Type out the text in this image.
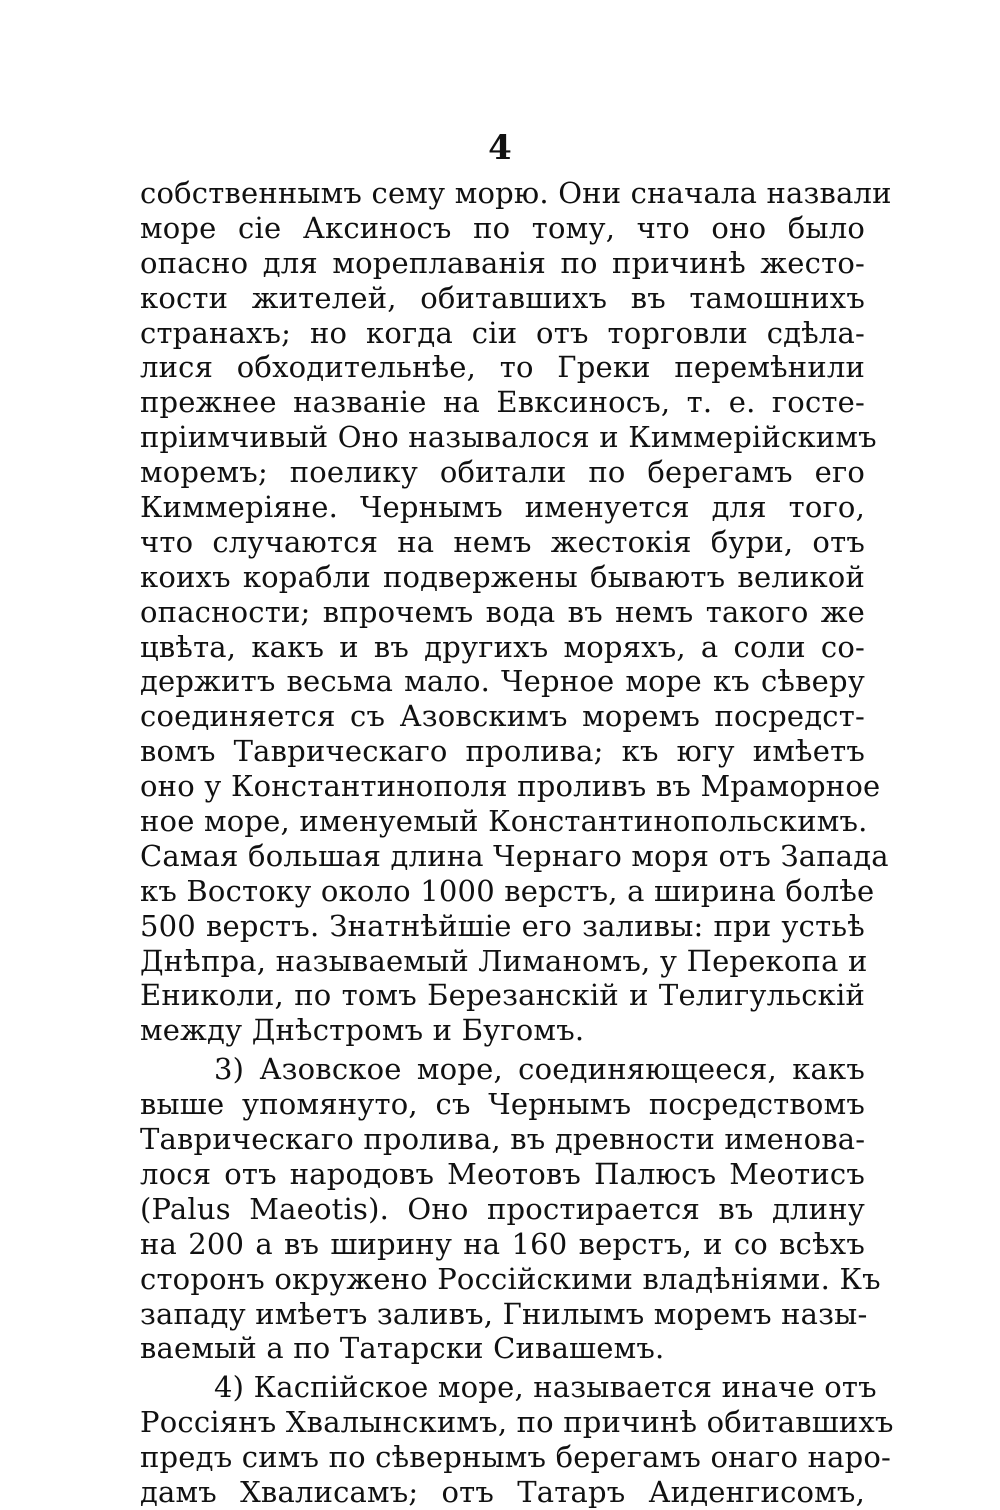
4
собственнымъ сему морю. Они сначала назвали
море сіе Аксиносъ по тому, что оно было
опасно для мореплаванія по причинѣ жесто-
кости жителей, обитавшихъ въ тамошнихъ
странахъ; но когда сіи отъ торговли сдѣла-
лися обходительнѣе, то Греки перемѣнили
прежнее названіе на Евксиносъ, т. е. госте-
пріимчивый Оно называлося и Киммерійскимъ
моремъ; поелику обитали по берегамъ его
Киммеріяне. Чернымъ именуется для того,
что случаются на немъ жестокія бури, отъ
коихъ корабли подвержены бываютъ великой
опасности; впрочемъ вода въ немъ такого же
цвѣта, какъ и въ другихъ моряхъ, а соли со-
держитъ весьма мало. Черное море къ сѣверу
соединяется съ Азовскимъ моремъ посредст-
вомъ Таврическаго пролива; къ югу имѣетъ
оно у Константинополя проливъ въ Мраморное
ное море, именуемый Константинопольскимъ.
Самая большая длина Чернаго моря отъ Запада
къ Востоку около 1000 верстъ, а ширина болѣе
500 верстъ. Знатнѣйшіе его заливы: при устьѣ
Днѣпра, называемый Лиманомъ, у Перекопа и
Ениколи, по томъ Березанскій и Телигульскій
между Днѣстромъ и Бугомъ.
3) Азовское море, соединяющееся, какъ
выше упомянуто, съ Чернымъ посредствомъ
Таврическаго пролива, въ древности именова-
лося отъ народовъ Меотовъ Палюсъ Меотисъ
(Palus Maeotis). Оно простирается въ длину
на 200 а въ ширину на 160 верстъ, и со всѣхъ
сторонъ окружено Россійскими владѣніями. Къ
западу имѣетъ заливъ, Гнилымъ моремъ назы-
ваемый а по Татарски Сивашемъ.
4) Каспійское море, называется иначе отъ
Россіянъ Хвалынскимъ, по причинѣ обитавшихъ
предъ симъ по сѣвернымъ берегамъ онаго наро-
дамъ Хвалисамъ; отъ Татаръ Аиденгисомъ,
